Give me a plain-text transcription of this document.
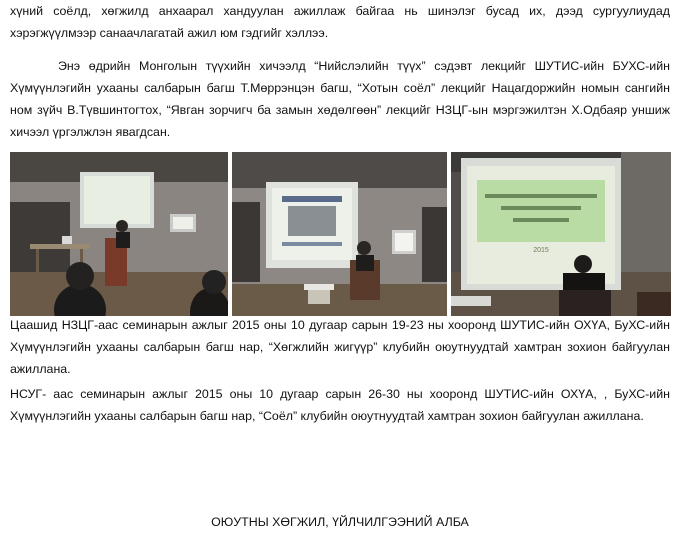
хүний соёлд, хөгжилд анхаарал хандуулан ажиллаж байгаа нь шинэлэг бусад их, дээд сургуулиудад хэрэгжүүлмээр санаачлагатай ажил юм гэдгийг хэллээ.

Энэ өдрийн Монголын түүхийн хичээлд “Нийслэлийн түүх” сэдэвт лекцийг ШУТИС-ийн БУХС-ийн Хүмүүнлэгийн ухааны салбарын багш Т.Мөррэнцэн багш, “Хотын соёл” лекцийг Нацагдоржийн номын сангийн ном зүйч В.Түвшинтогтох, “Явган зорчигч ба замын хөдөлгөөн” лекцийг НЗЦГ-ын мэргэжилтэн Х.Одбаяр уншиж хичээл үргэлжлэн явагдсан.

2015

Цаашид НЗЦГ-аас семинарын ажлыг 2015 оны 10 дугаар сарын 19-23 ны хооронд ШУТИС-ийн ОХҮА, БуХС-ийн Хүмүүнлэгийн ухааны салбарын багш нар, “Хөгжлийн жигүүр” клубийн оюутнуудтай хамтран зохион байгуулан ажиллана.

НСУГ- аас семинарын ажлыг 2015 оны 10 дугаар сарын 26-30 ны хооронд ШУТИС-ийн ОХҮА, , БуХС-ийн Хүмүүнлэгийн ухааны салбарын багш нар, “Соёл” клубийн оюутнуудтай хамтран зохион байгуулан ажиллана.

ОЮУТНЫ ХӨГЖИЛ, ҮЙЛЧИЛГЭЭНИЙ АЛБА
